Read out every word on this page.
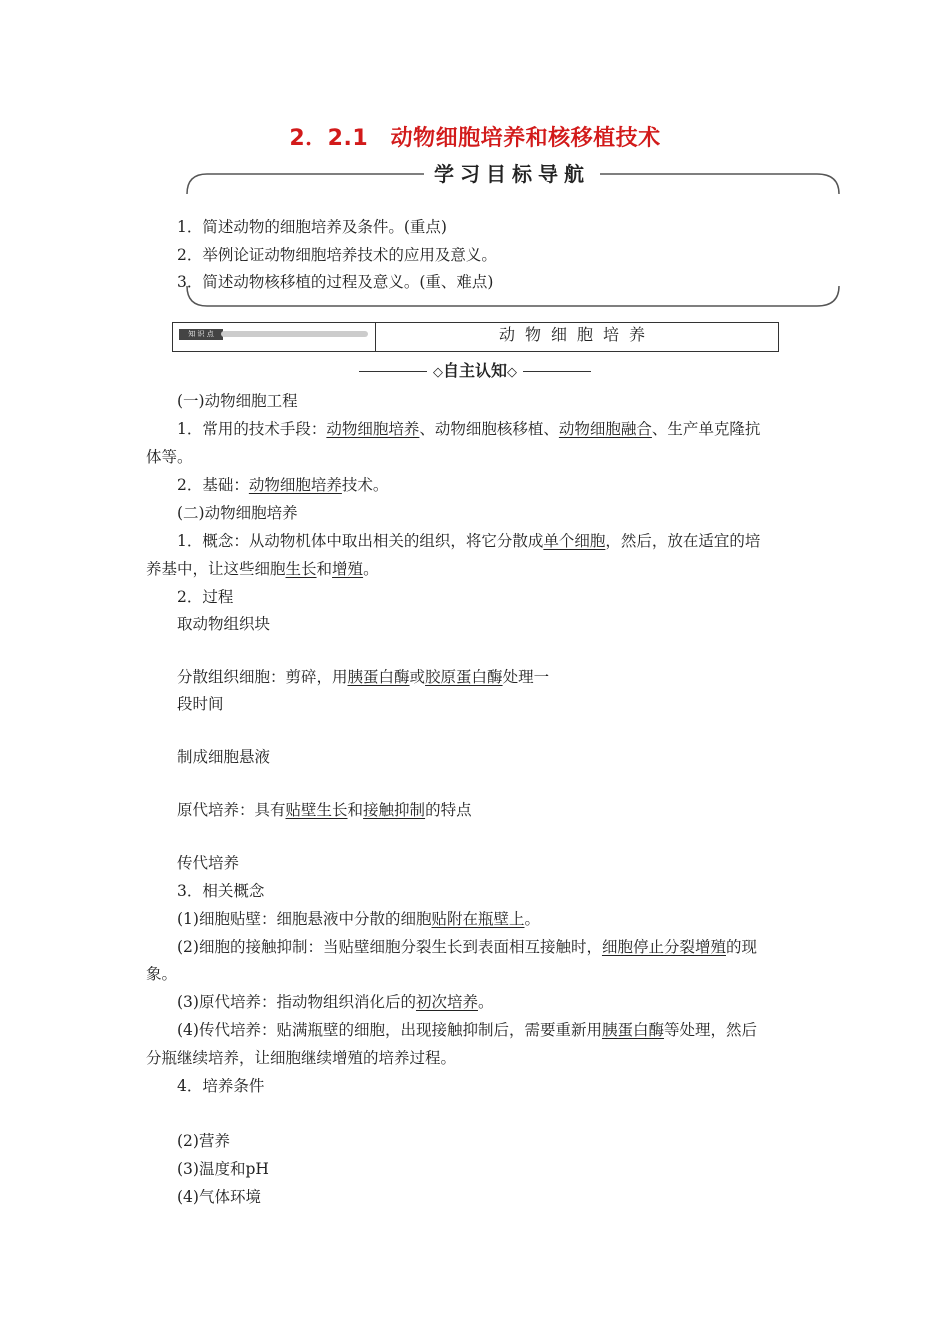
2．2.1　动物细胞培养和核移植技术
学习目标导航
1．简述动物的细胞培养及条件。(重点)
2．举例论证动物细胞培养技术的应用及意义。
3．简述动物核移植的过程及意义。(重、难点)
知 识 点	动物细胞培养
◇自主认知◇
(一)动物细胞工程
1．常用的技术手段：动物细胞培养、动物细胞核移植、动物细胞融合、生产单克隆抗
体等。
2．基础：动物细胞培养技术。
(二)动物细胞培养
1．概念：从动物机体中取出相关的组织，将它分散成单个细胞，然后，放在适宜的培
养基中，让这些细胞生长和增殖。
2．过程
取动物组织块
分散组织细胞：剪碎，用胰蛋白酶或胶原蛋白酶处理一
段时间
制成细胞悬液
原代培养：具有贴壁生长和接触抑制的特点
传代培养
3．相关概念
(1)细胞贴壁：细胞悬液中分散的细胞贴附在瓶壁上。
(2)细胞的接触抑制：当贴壁细胞分裂生长到表面相互接触时，细胞停止分裂增殖的现
象。
(3)原代培养：指动物组织消化后的初次培养。
(4)传代培养：贴满瓶壁的细胞，出现接触抑制后，需要重新用胰蛋白酶等处理，然后
分瓶继续培养，让细胞继续增殖的培养过程。
4．培养条件
(2)营养
(3)温度和pH
(4)气体环境
